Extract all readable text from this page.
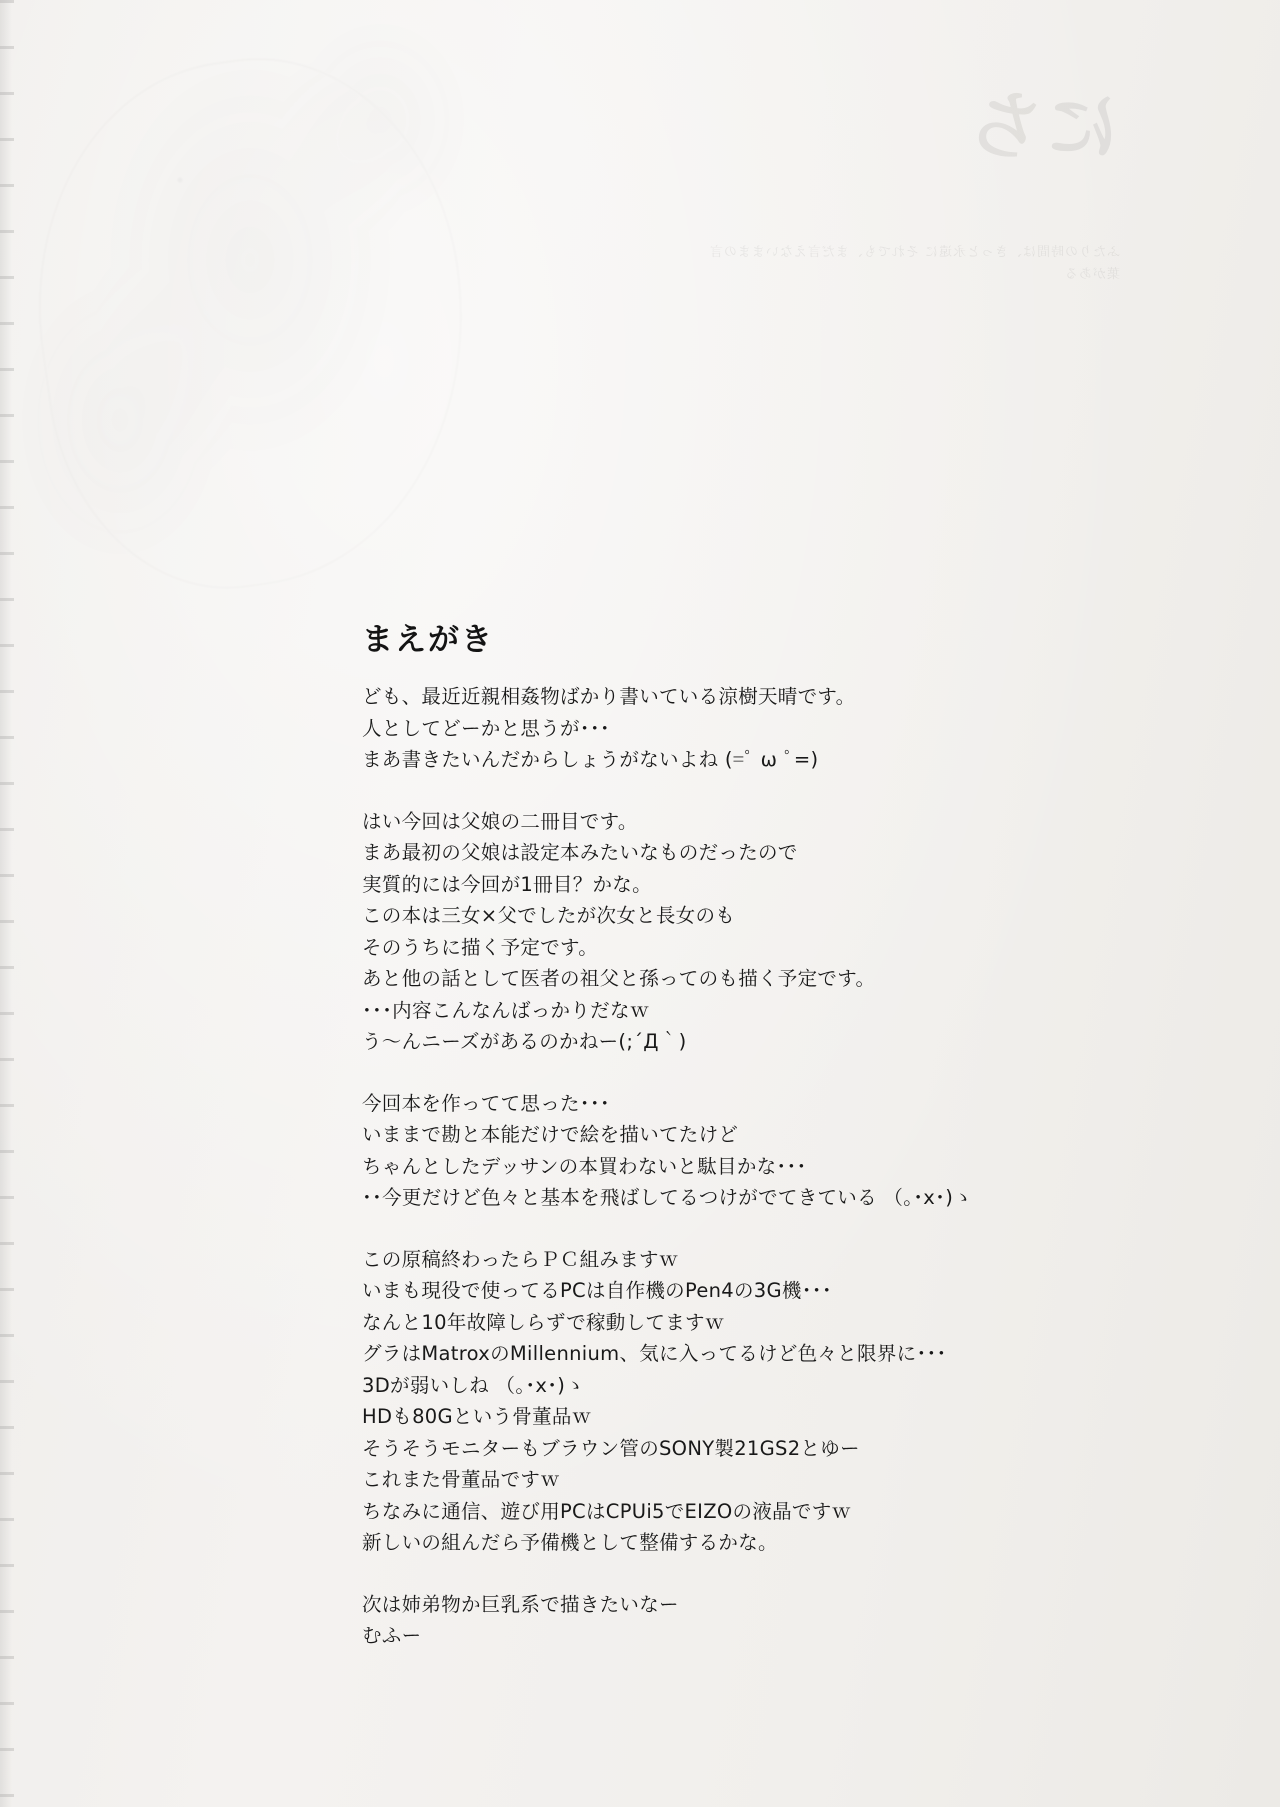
にち
ふたりの時間は、きっと永遠に それでも、まだ言えないままの言葉がある
まえがき
ども、最近近親相姦物ばかり書いている涼樹天晴です。
人としてどーかと思うが･･･
まあ書きたいんだからしょうがないよね (=ﾟ ω ﾟ=)
はい今回は父娘の二冊目です。
まあ最初の父娘は設定本みたいなものだったので
実質的には今回が1冊目？かな。
この本は三女×父でしたが次女と長女のも
そのうちに描く予定です。
あと他の話として医者の祖父と孫ってのも描く予定です。
･･･内容こんなんばっかりだなｗ
う～んニーズがあるのかねー(;´Д｀)
今回本を作ってて思った･･･
いままで勘と本能だけで絵を描いてたけど
ちゃんとしたデッサンの本買わないと駄目かな･･･
･･今更だけど色々と基本を飛ばしてるつけがでてきている （｡･x･)ゝ
この原稿終わったらＰＣ組みますｗ
いまも現役で使ってるPCは自作機のPen4の3G機･･･
なんと10年故障しらずで稼動してますｗ
グラはMatroxのMillennium、気に入ってるけど色々と限界に･･･
3Dが弱いしね （｡･x･)ゝ
HDも80Gという骨董品ｗ
そうそうモニターもブラウン管のSONY製21GS2とゆー
これまた骨董品ですｗ
ちなみに通信、遊び用PCはCPUi5でEIZOの液晶ですｗ
新しいの組んだら予備機として整備するかな。
次は姉弟物か巨乳系で描きたいなー
むふー
